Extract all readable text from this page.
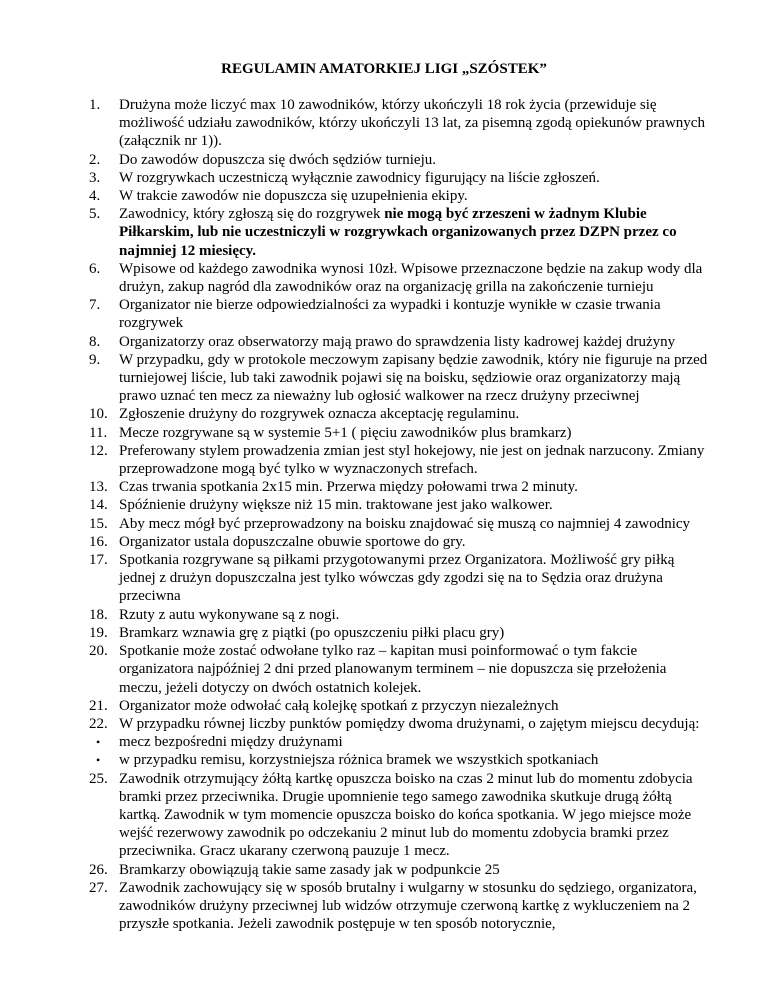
REGULAMIN AMATORKIEJ LIGI „SZÓSTEK”
1. Drużyna może liczyć max 10 zawodników, którzy ukończyli 18 rok życia (przewiduje się możliwość udziału zawodników, którzy ukończyli 13 lat, za pisemną zgodą opiekunów prawnych (załącznik nr 1)).
2. Do zawodów dopuszcza się dwóch sędziów turnieju.
3. W rozgrywkach uczestniczą wyłącznie zawodnicy figurujący na liście zgłoszeń.
4. W trakcie zawodów nie dopuszcza się uzupełnienia ekipy.
5. Zawodnicy, który zgłoszą się do rozgrywek nie mogą być zrzeszeni w żadnym Klubie Piłkarskim, lub nie uczestniczyli w rozgrywkach organizowanych przez DZPN przez co najmniej 12 miesięcy.
6. Wpisowe od każdego zawodnika wynosi 10zł. Wpisowe przeznaczone będzie na zakup wody dla drużyn, zakup nagród dla zawodników oraz na organizację grilla na zakończenie turnieju
7. Organizator nie bierze odpowiedzialności za wypadki i kontuzje wynikłe w czasie trwania rozgrywek
8. Organizatorzy oraz obserwatorzy mają prawo do sprawdzenia listy kadrowej każdej drużyny
9. W przypadku, gdy w protokole meczowym zapisany będzie zawodnik, który nie figuruje na przed turniejowej liście, lub taki zawodnik pojawi się na boisku, sędziowie oraz organizatorzy mają prawo uznać ten mecz za nieważny lub ogłosić walkower na rzecz drużyny przeciwnej
10. Zgłoszenie drużyny do rozgrywek oznacza akceptację regulaminu.
11. Mecze rozgrywane są w systemie 5+1 ( pięciu zawodników plus bramkarz)
12. Preferowany stylem prowadzenia zmian jest styl hokejowy, nie jest on jednak narzucony. Zmiany przeprowadzone mogą być tylko w wyznaczonych strefach.
13. Czas trwania spotkania 2x15 min. Przerwa między połowami trwa 2 minuty.
14. Spóźnienie drużyny większe niż 15 min. traktowane jest jako walkower.
15. Aby mecz mógł być przeprowadzony na boisku znajdować się muszą co najmniej 4 zawodnicy
16. Organizator ustala dopuszczalne obuwie sportowe do gry.
17. Spotkania rozgrywane są piłkami przygotowanymi przez Organizatora. Możliwość gry piłką jednej z drużyn dopuszczalna jest tylko wówczas gdy zgodzi się na to Sędzia oraz drużyna przeciwna
18. Rzuty z autu wykonywane są z nogi.
19. Bramkarz wznawia grę z piątki (po opuszczeniu piłki placu gry)
20. Spotkanie może zostać odwołane tylko raz – kapitan musi poinformować o tym fakcie organizatora najpóźniej 2 dni przed planowanym terminem – nie dopuszcza się przełożenia meczu, jeżeli dotyczy on dwóch ostatnich kolejek.
21. Organizator może odwołać całą kolejkę spotkań z przyczyn niezależnych
22. W przypadku równej liczby punktów pomiędzy dwoma drużynami, o zajętym miejscu decydują:
• mecz bezpośredni między drużynami
• w przypadku remisu, korzystniejsza różnica bramek we wszystkich spotkaniach
25. Zawodnik otrzymujący żółtą kartkę opuszcza boisko na czas 2 minut lub do momentu zdobycia bramki przez przeciwnika. Drugie upomnienie tego samego zawodnika skutkuje drugą żółtą kartką. Zawodnik w tym momencie opuszcza boisko do końca spotkania. W jego miejsce może wejść rezerwowy zawodnik po odczekaniu 2 minut lub do momentu zdobycia bramki przez przeciwnika. Gracz ukarany czerwoną pauzuje 1 mecz.
26. Bramkarzy obowiązują takie same zasady jak w podpunkcie 25
27. Zawodnik zachowujący się w sposób brutalny i wulgarny w stosunku do sędziego, organizatora, zawodników drużyny przeciwnej lub widzów otrzymuje czerwoną kartkę z wykluczeniem na 2 przyszłe spotkania. Jeżeli zawodnik postępuje w ten sposób notorycznie,
